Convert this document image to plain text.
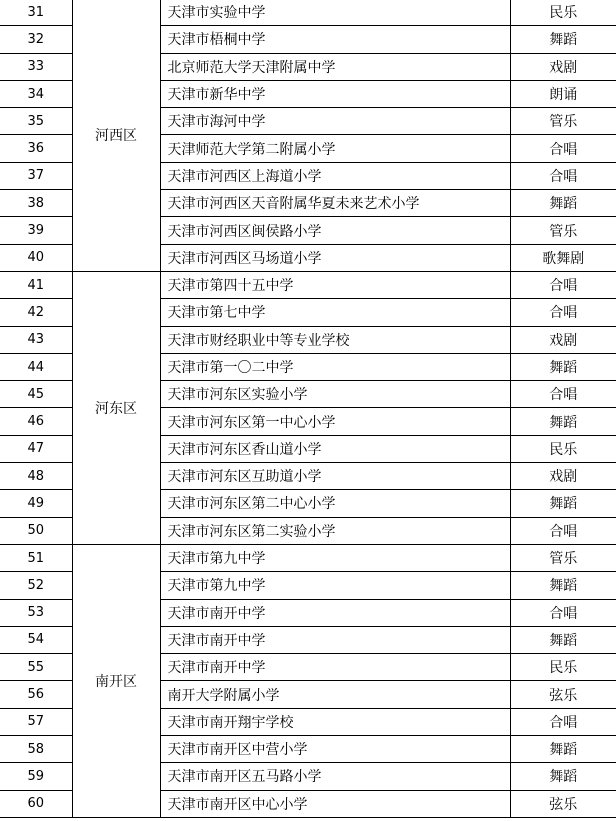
31	河西区	天津市实验中学	民乐
32		天津市梧桐中学	舞蹈
33		北京师范大学天津附属中学	戏剧
34		天津市新华中学	朗诵
35		天津市海河中学	管乐
36		天津师范大学第二附属小学	合唱
37		天津市河西区上海道小学	合唱
38		天津市河西区天音附属华夏未来艺术小学	舞蹈
39		天津市河西区闽侯路小学	管乐
40		天津市河西区马场道小学	歌舞剧
41	河东区	天津市第四十五中学	合唱
42		天津市第七中学	合唱
43		天津市财经职业中等专业学校	戏剧
44		天津市第一〇二中学	舞蹈
45		天津市河东区实验小学	合唱
46		天津市河东区第一中心小学	舞蹈
47		天津市河东区香山道小学	民乐
48		天津市河东区互助道小学	戏剧
49		天津市河东区第二中心小学	舞蹈
50		天津市河东区第二实验小学	合唱
51	南开区	天津市第九中学	管乐
52		天津市第九中学	舞蹈
53		天津市南开中学	合唱
54		天津市南开中学	舞蹈
55		天津市南开中学	民乐
56		南开大学附属小学	弦乐
57		天津市南开翔宇学校	合唱
58		天津市南开区中营小学	舞蹈
59		天津市南开区五马路小学	舞蹈
60		天津市南开区中心小学	弦乐
